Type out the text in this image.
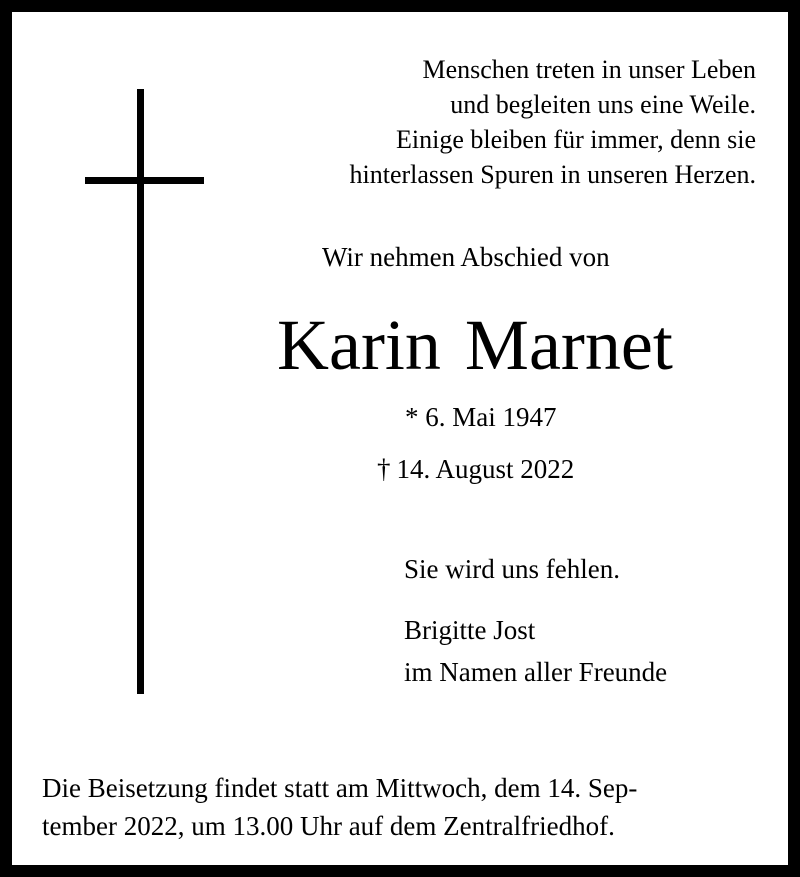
Menschen treten in unser Leben
und begleiten uns eine Weile.
Einige bleiben für immer, denn sie
hinterlassen Spuren in unseren Herzen.
Wir nehmen Abschied von
Karin Marnet
* 6. Mai 1947
† 14. August 2022
Sie wird uns fehlen.
Brigitte Jost
im Namen aller Freunde
Die Beisetzung findet statt am Mittwoch, dem 14. Sep-
tember 2022, um 13.00 Uhr auf dem Zentralfriedhof.
